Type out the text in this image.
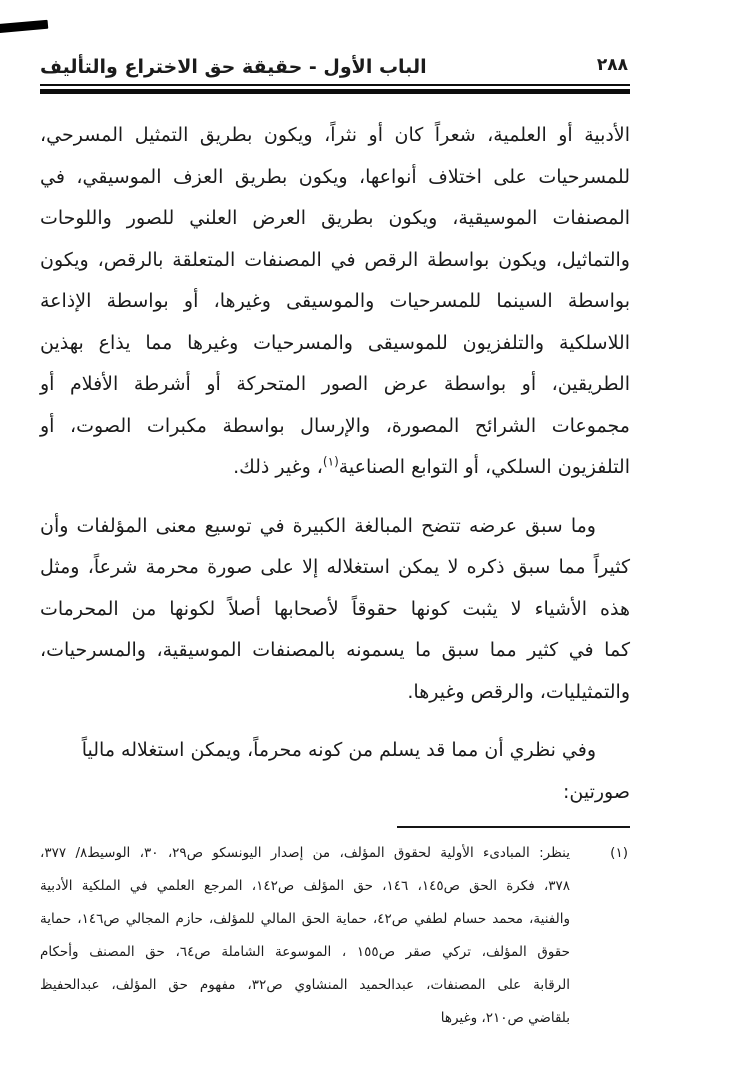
الباب الأول - حقيقة حق الاختراع والتأليف	٢٨٨
الأدبية أو العلمية، شعراً كان أو نثراً، ويكون بطريق التمثيل المسرحي،
للمسرحيات على اختلاف أنواعها، ويكون بطريق العزف الموسيقي، في
المصنفات الموسيقية، ويكون بطريق العرض العلني للصور واللوحات
والتماثيل، ويكون بواسطة الرقص في المصنفات المتعلقة بالرقص، ويكون
بواسطة السينما للمسرحيات والموسيقى وغيرها، أو بواسطة الإذاعة
اللاسلكية والتلفزيون للموسيقى والمسرحيات وغيرها مما يذاع بهذين
الطريقين، أو بواسطة عرض الصور المتحركة أو أشرطة الأفلام أو
مجموعات الشرائح المصورة، والإرسال بواسطة مكبرات الصوت، أو
التلفزيون السلكي، أو التوابع الصناعية$^{(١)}$، وغير ذلك.
وما سبق عرضه تتضح المبالغة الكبيرة في توسيع معنى المؤلفات وأن
كثيراً مما سبق ذكره لا يمكن استغلاله إلا على صورة محرمة شرعاً، ومثل
هذه الأشياء لا يثبت كونها حقوقاً لأصحابها أصلاً لكونها من المحرمات
كما في كثير مما سبق ما يسمونه بالمصنفات الموسيقية، والمسرحيات،
والتمثيليات، والرقص وغيرها.
وفي نظري أن مما قد يسلم من كونه محرماً، ويمكن استغلاله مالياً صورتين:
(١)
ينظر: المبادىء الأولية لحقوق المؤلف، من إصدار اليونسكو ص٢٩، ٣٠، الوسيط٨/ ٣٧٧،
٣٧٨، فكرة الحق ص١٤٥، ١٤٦، حق المؤلف ص١٤٢، المرجع العلمي في الملكية الأدبية
والفنية، محمد حسام لطفي ص٤٢، حماية الحق المالي للمؤلف، حازم المجالي ص١٤٦، حماية
حقوق المؤلف، تركي صقر ص١٥٥ ، الموسوعة الشاملة ص٦٤، حق المصنف وأحكام
الرقابة على المصنفات، عبدالحميد المنشاوي ص٣٢، مفهوم حق المؤلف، عبدالحفيظ
بلقاضي ص٢١٠، وغيرها
